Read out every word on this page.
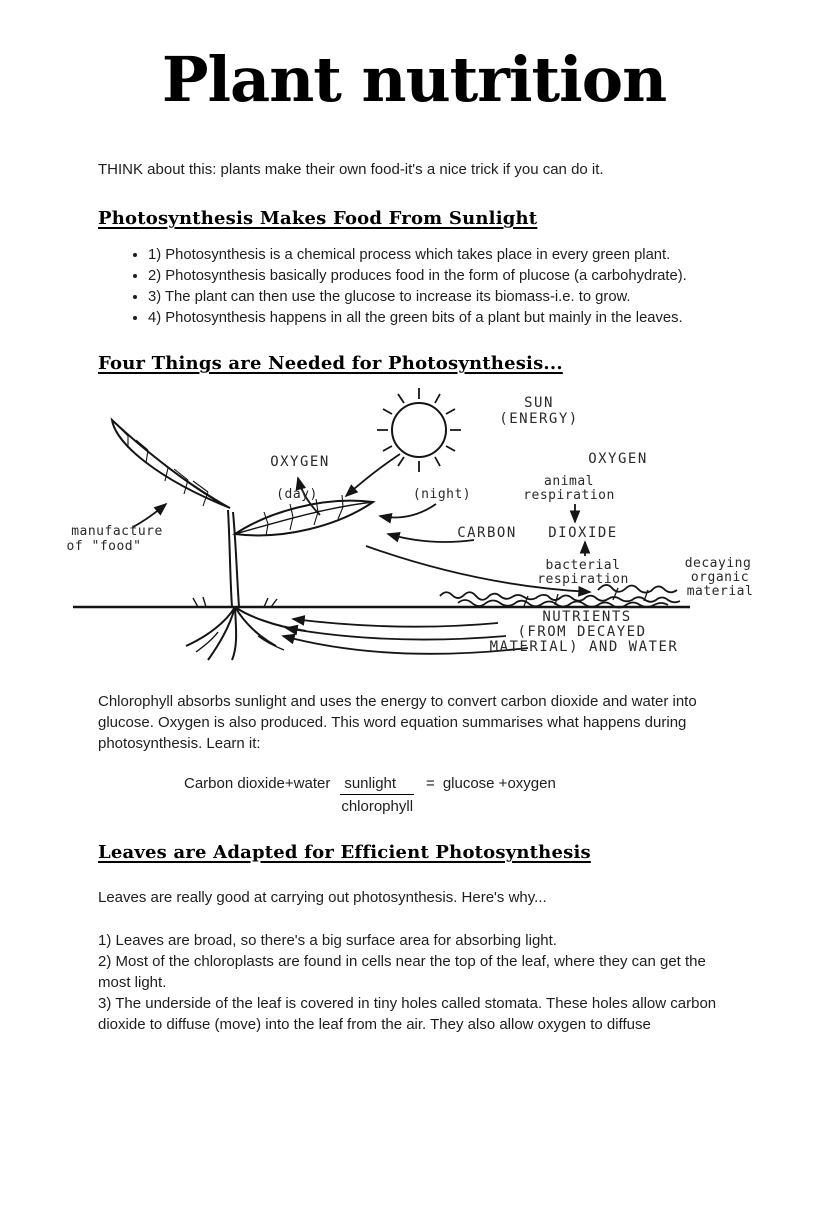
Plant nutrition

THINK about this: plants make their own food-it's a nice trick if you can do it.

Photosynthesis Makes Food From Sunlight
• 1) Photosynthesis is a chemical process which takes place in every green plant.
• 2) Photosynthesis basically produces food in the form of plucose (a carbohydrate).
• 3) The plant can then use the glucose to increase its biomass-i.e. to grow.
• 4) Photosynthesis happens in all the green bits of a plant but mainly in the leaves.
Four Things are Needed for Photosynthesis...
SUN
(ENERGY)
OXYGEN
(day)	(night)
OXYGEN
animal
respiration
CARBON DIOXIDE
bacterial
respiration
decaying
organic
material
NUTRIENTS
(FROM DECAYED
MATERIAL) AND WATER
manufacture
of "food"

Chlorophyll absorbs sunlight and uses the energy to convert carbon dioxide and water into glucose. Oxygen is also produced. This word equation summarises what happens during photosynthesis. Learn it:

Carbon dioxide+water $\frac{\text{sunlight}}{\text{chlorophyll}} = glucose$ +oxygen
Leaves are Adapted for Efficient Photosynthesis

Leaves are really good at carrying out photosynthesis. Here's why...

1) Leaves are broad, so there's a big surface area for absorbing light.

2) Most of the chloroplasts are found in cells near the top of the leaf, where they can get the most light.

3) The underside of the leaf is covered in tiny holes called stomata. These holes allow carbon dioxide to diffuse (move) into the leaf from the air. They also allow oxygen to diffuse
